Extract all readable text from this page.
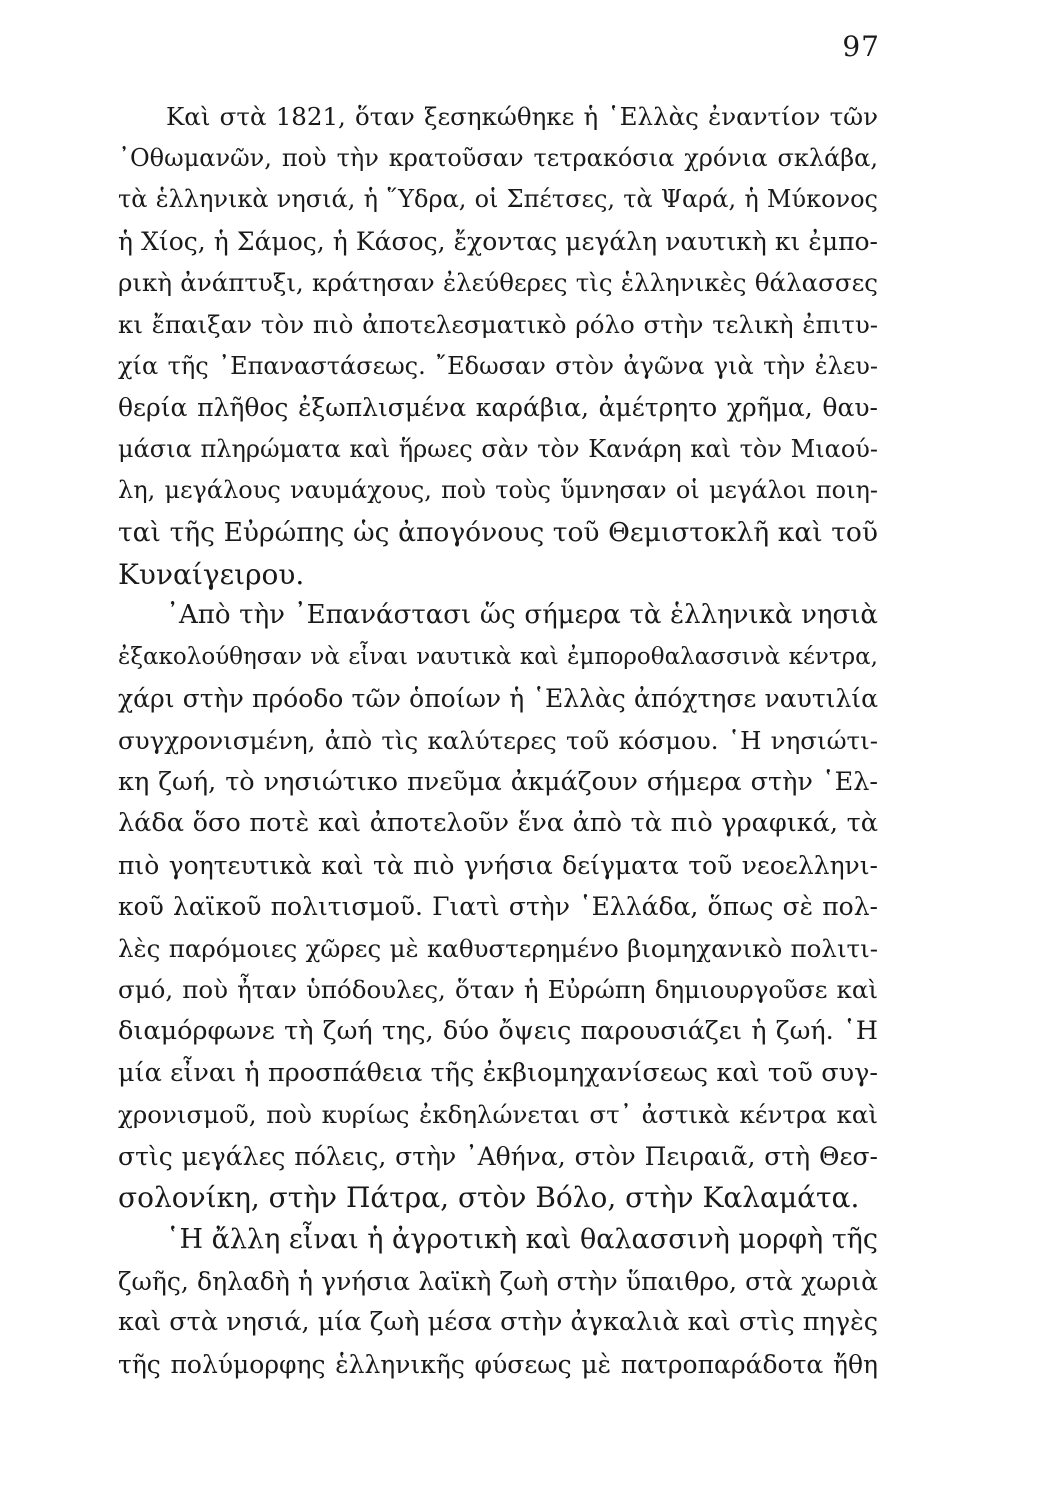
97
Καὶ στὰ 1821, ὅταν ξεσηκώθηκε ἡ ῾Ελλὰς ἐναντίον τῶν
᾿Οθωμανῶν, ποὺ τὴν κρατοῦσαν τετρακόσια χρόνια σκλάβα,
τὰ ἑλληνικὰ νησιά, ἡ ῞Υδρα, οἱ Σπέτσες, τὰ Ψαρά, ἡ Μύκονος
ἡ Χίος, ἡ Σάμος, ἡ Κάσος, ἔχοντας μεγάλη ναυτικὴ κι ἐμπο-
ρικὴ ἀνάπτυξι, κράτησαν ἐλεύθερες τὶς ἑλληνικὲς θάλασσες
κι ἔπαιξαν τὸν πιὸ ἀποτελεσματικὸ ρόλο στὴν τελικὴ ἐπιτυ-
χία τῆς ᾿Επαναστάσεως. ῎Εδωσαν στὸν ἀγῶνα γιὰ τὴν ἐλευ-
θερία πλῆθος ἐξωπλισμένα καράβια, ἀμέτρητο χρῆμα, θαυ-
μάσια πληρώματα καὶ ἥρωες σὰν τὸν Κανάρη καὶ τὸν Μιαού-
λη, μεγάλους ναυμάχους, ποὺ τοὺς ὕμνησαν οἱ μεγάλοι ποιη-
ταὶ τῆς Εὐρώπης ὡς ἀπογόνους τοῦ Θεμιστοκλῆ καὶ τοῦ
Κυναίγειρου.
᾿Απὸ τὴν ᾿Επανάστασι ὥς σήμερα τὰ ἑλληνικὰ νησιὰ
ἐξακολούθησαν νὰ εἶναι ναυτικὰ καὶ ἐμποροθαλασσινὰ κέντρα,
χάρι στὴν πρόοδο τῶν ὁποίων ἡ ῾Ελλὰς ἀπόχτησε ναυτιλία
συγχρονισμένη, ἀπὸ τὶς καλύτερες τοῦ κόσμου. ῾Η νησιώτι-
κη ζωή, τὸ νησιώτικο πνεῦμα ἀκμάζουν σήμερα στὴν ῾Ελ-
λάδα ὅσο ποτὲ καὶ ἀποτελοῦν ἕνα ἀπὸ τὰ πιὸ γραφικά, τὰ
πιὸ γοητευτικὰ καὶ τὰ πιὸ γνήσια δείγματα τοῦ νεοελληνι-
κοῦ λαϊκοῦ πολιτισμοῦ. Γιατὶ στὴν ῾Ελλάδα, ὅπως σὲ πολ-
λὲς παρόμοιες χῶρες μὲ καθυστερημένο βιομηχανικὸ πολιτι-
σμό, ποὺ ἦταν ὑπόδουλες, ὅταν ἡ Εὐρώπη δημιουργοῦσε καὶ
διαμόρφωνε τὴ ζωή της, δύο ὄψεις παρουσιάζει ἡ ζωή. ῾Η
μία εἶναι ἡ προσπάθεια τῆς ἐκβιομηχανίσεως καὶ τοῦ συγ-
χρονισμοῦ, ποὺ κυρίως ἐκδηλώνεται στ᾿ ἀστικὰ κέντρα καὶ
στὶς μεγάλες πόλεις, στὴν ᾿Αθήνα, στὸν Πειραιᾶ, στὴ Θεσ-
σολονίκη, στὴν Πάτρα, στὸν Βόλο, στὴν Καλαμάτα.
῾Η ἄλλη εἶναι ἡ ἀγροτικὴ καὶ θαλασσινὴ μορφὴ τῆς
ζωῆς, δηλαδὴ ἡ γνήσια λαϊκὴ ζωὴ στὴν ὕπαιθρο, στὰ χωριὰ
καὶ στὰ νησιά, μία ζωὴ μέσα στὴν ἀγκαλιὰ καὶ στὶς πηγὲς
τῆς πολύμορφης ἑλληνικῆς φύσεως μὲ πατροπαράδοτα ἤθη
